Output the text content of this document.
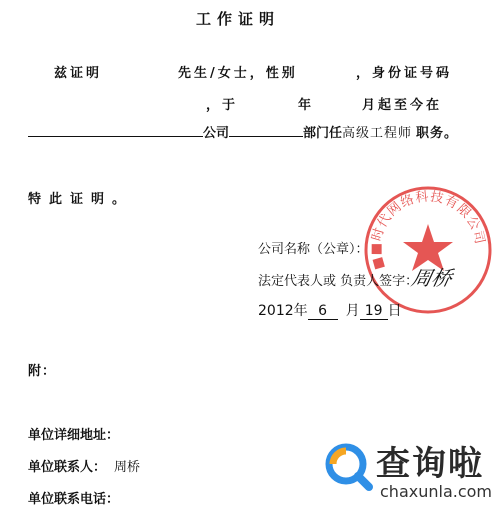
工作证明
兹证明	先生/女士，性别	，身份证号码
，于	年	月起至今在
公司	部门任高级工程师 职务。
特此证明。
■■时代网络科技有限公司
公司名称（公章）：
法定代表人或 负责人签字：
周桥
2012年 6 月 19 日
附：
单位详细地址：
单位联系人： 周桥
单位联系电话：
查询啦
chaxunla.com
